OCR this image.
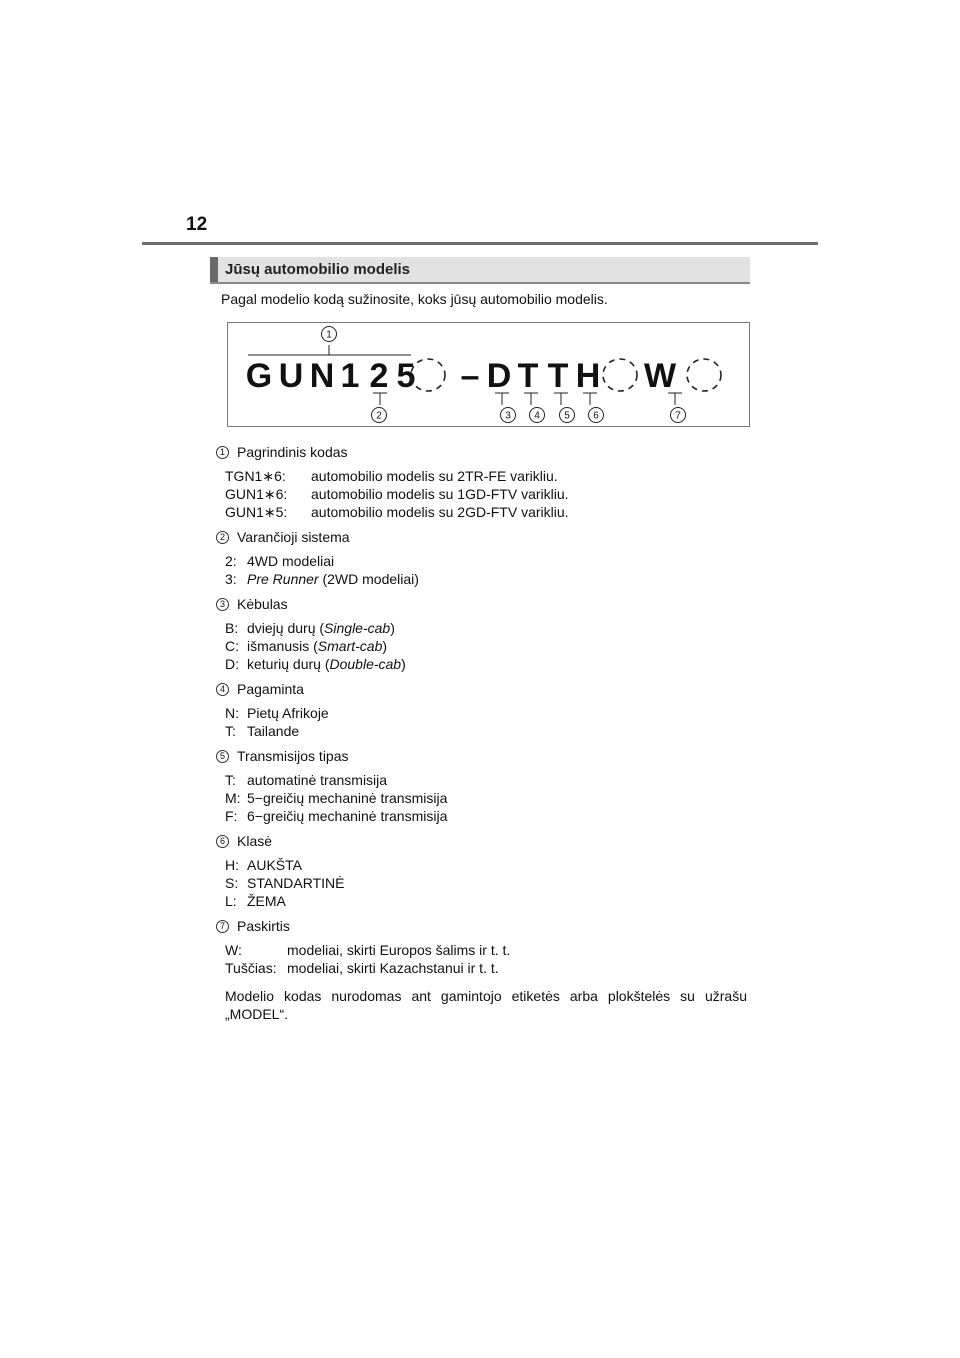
12
Jūsų automobilio modelis
Pagal modelio kodą sužinosite, koks jūsų automobilio modelis.
G U N 1 2 5 – D T T H W
1
2	3 4 5 6	7
1 Pagrindinis kodas
TGN1∗6:	automobilio modelis su 2TR-FE varikliu.
GUN1∗6:	automobilio modelis su 1GD-FTV varikliu.
GUN1∗5:	automobilio modelis su 2GD-FTV varikliu.
2 Varančioji sistema
2: 4WD modeliai
3: Pre Runner (2WD modeliai)
3 Kėbulas
B: dviejų durų (Single-cab)
C: išmanusis (Smart-cab)
D: keturių durų (Double-cab)
4 Pagaminta
N: Pietų Afrikoje
T: Tailande
5 Transmisijos tipas
T: automatinė transmisija
M: 5−greičių mechaninė transmisija
F: 6−greičių mechaninė transmisija
6 Klasė
H: AUKŠTA
S: STANDARTINĖ
L: ŽEMA
7 Paskirtis
W:	modeliai, skirti Europos šalims ir t. t.
Tuščias: modeliai, skirti Kazachstanui ir t. t.
Modelio kodas nurodomas ant gamintojo etiketės arba plokštelės su užrašu „MODEL“.
